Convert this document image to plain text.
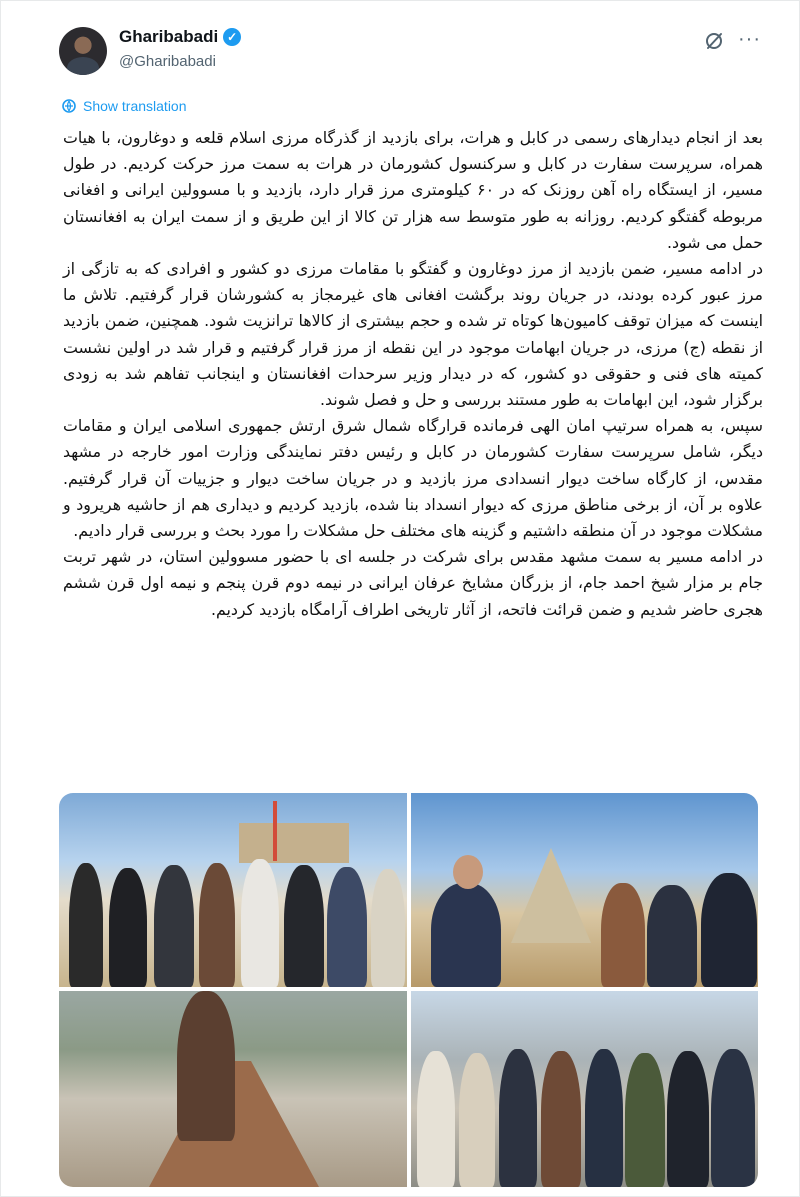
Gharibabadi ✓
@Gharibabadi
···
Show translation

بعد از انجام دیدارهای رسمی در کابل و هرات، برای بازدید از گذرگاه مرزی اسلام قلعه و دوغارون، با هیات همراه، سرپرست سفارت در کابل و سرکنسول کشورمان در هرات به سمت مرز حرکت کردیم. در طول مسیر، از ایستگاه راه آهن روزنک که در ۶۰ کیلومتری مرز قرار دارد، بازدید و با مسوولین ایرانی و افغانی مربوطه گفتگو کردیم. روزانه به طور متوسط سه هزار تن کالا از این طریق و از سمت ایران به افغانستان حمل می شود.

در ادامه مسیر، ضمن بازدید از مرز دوغارون و گفتگو با مقامات مرزی دو کشور و افرادی که به تازگی از مرز عبور کرده بودند، در جریان روند برگشت افغانی های غیرمجاز به کشورشان قرار گرفتیم. تلاش ما اینست که میزان توقف کامیون‌ها کوتاه تر شده و حجم بیشتری از کالاها ترانزیت شود. همچنین، ضمن بازدید از نقطه (ج) مرزی، در جریان ابهامات موجود در این نقطه از مرز قرار گرفتیم و قرار شد در اولین نشست کمیته های فنی و حقوقی دو کشور، که در دیدار وزیر سرحدات افغانستان و اینجانب تفاهم شد به زودی برگزار شود، این ابهامات به طور مستند بررسی و حل و فصل شوند.

سپس، به همراه سرتیپ امان الهی فرمانده قرارگاه شمال شرق ارتش جمهوری اسلامی ایران و مقامات دیگر، شامل سرپرست سفارت کشورمان در کابل و رئیس دفتر نمایندگی وزارت امور خارجه در مشهد مقدس، از کارگاه ساخت دیوار انسدادی مرز بازدید و در جریان ساخت دیوار و جزییات آن قرار گرفتیم. علاوه بر آن، از برخی مناطق مرزی که دیوار انسداد بنا شده، بازدید کردیم و دیداری هم از حاشیه هریرود و مشکلات موجود در آن منطقه داشتیم و گزینه های مختلف حل مشکلات را مورد بحث و بررسی قرار دادیم.

در ادامه مسیر به سمت مشهد مقدس برای شرکت در جلسه ای با حضور مسوولین استان، در شهر تربت جام بر مزار شیخ احمد جام، از بزرگان مشایخ عرفان ایرانی در نیمه دوم قرن پنجم و نیمه اول قرن ششم هجری حاضر شدیم و ضمن قرائت فاتحه، از آثار تاریخی اطراف آرامگاه بازدید کردیم.
